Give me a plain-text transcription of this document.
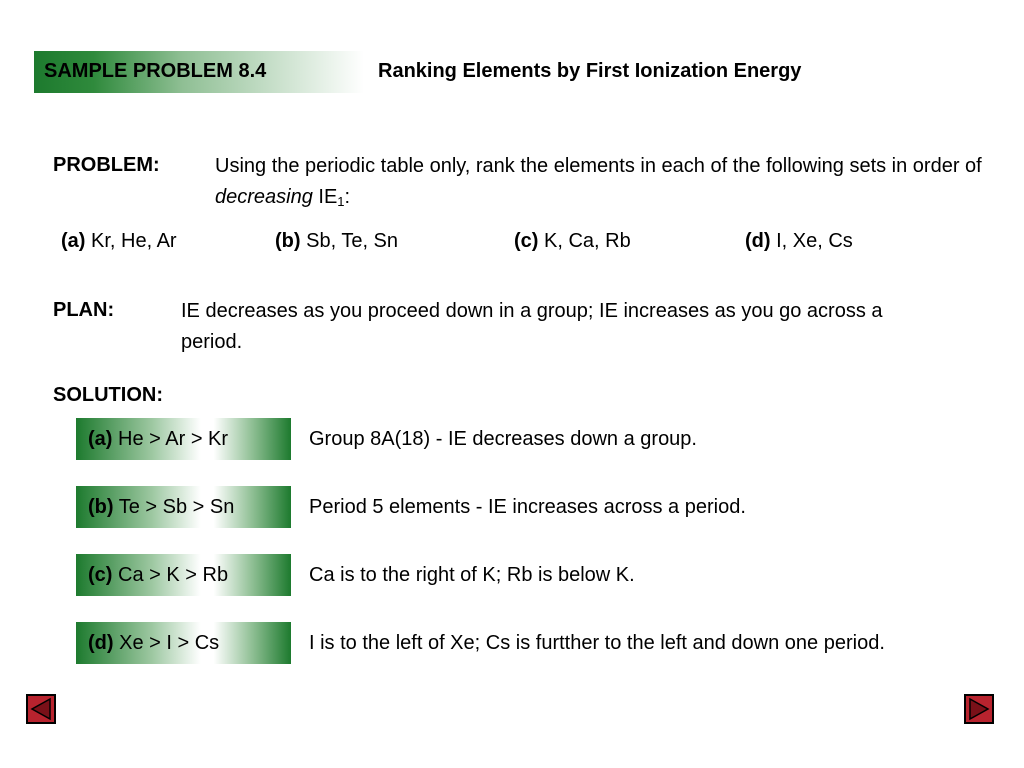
SAMPLE PROBLEM 8.4	Ranking Elements by First Ionization Energy
PROBLEM:	Using the periodic table only, rank the elements in each of the following sets in order of decreasing $IE_1$:
(a) Kr, He, Ar	(b) Sb, Te, Sn	(c) K, Ca, Rb	(d) I, Xe, Cs
PLAN:	IE decreases as you proceed down in a group; IE increases as you go across a period.
SOLUTION:
(a) He > Ar > Kr	Group 8A(18) - IE decreases down a group.
(b) Te > Sb > Sn	Period 5 elements - IE increases across a period.
(c) Ca > K > Rb	Ca is to the right of K; Rb is below K.
(d) Xe > I > Cs	I is to the left of Xe; Cs is furtther to the left and down one period.
